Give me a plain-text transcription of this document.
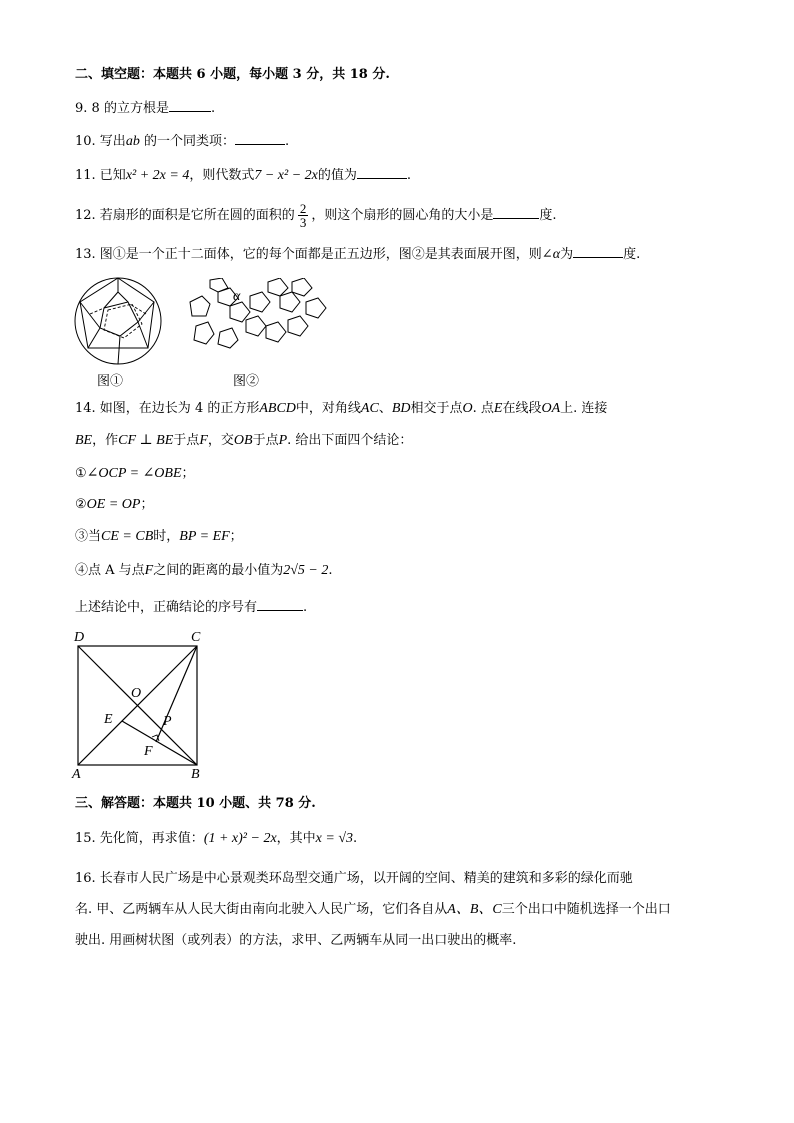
二、填空题：本题共 6 小题，每小题 3 分，共 18 分.
9. 8 的立方根是	.
10. 写出ab 的一个同类项：	.
11. 已知x² + 2x = 4，则代数式7 − x² − 2x的值为	.
12. 若扇形的面积是它所在圆的面积的 $\frac{2}{3}$ ，则这个扇形的圆心角的大小是	度.
13. 图①是一个正十二面体，它的每个面都是正五边形，图②是其表面展开图，则∠α为	度.
图①
α
图②
14. 如图，在边长为 4 的正方形ABCD中，对角线AC、BD相交于点O. 点E在线段OA上. 连接
BE，作CF ⊥ BE于点F，交OB于点P. 给出下面四个结论：
①∠OCP = ∠OBE；
②OE = OP；
③当CE = CB时，BP = EF；
④点 A 与点F之间的距离的最小值为2√5 − 2.
上述结论中，正确结论的序号有	.
D	C
O
E	P
F
A	B
三、解答题：本题共 10 小题、共 78 分.
15. 先化简，再求值：(1 + x)² − 2x，其中x = √3.
16. 长春市人民广场是中心景观类环岛型交通广场，以开阔的空间、精美的建筑和多彩的绿化而驰
名. 甲、乙两辆车从人民大街由南向北驶入人民广场，它们各自从A、B、C三个出口中随机选择一个出口
驶出. 用画树状图（或列表）的方法，求甲、乙两辆车从同一出口驶出的概率.
